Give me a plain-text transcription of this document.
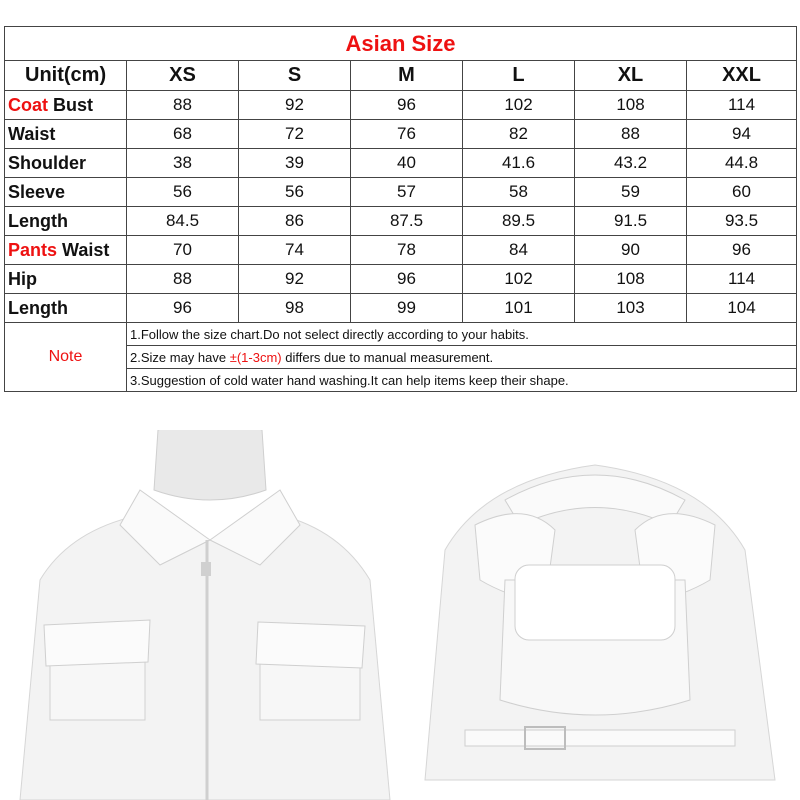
Asian Size						
Unit(cm)	XS	S	M	L	XL	XXL
Coat Bust	88	92	96	102	108	114
Waist	68	72	76	82	88	94
Shoulder	38	39	40	41.6	43.2	44.8
Sleeve	56	56	57	58	59	60
Length	84.5	86	87.5	89.5	91.5	93.5
Pants Waist	70	74	78	84	90	96
Hip	88	92	96	102	108	114
Length	96	98	99	101	103	104
Note	1.Follow the size chart.Do not select directly according to your habits.					
	2.Size may have ±(1-3cm) differs due to manual measurement.					
	3.Suggestion of cold water hand washing.It can help items keep their shape.					
